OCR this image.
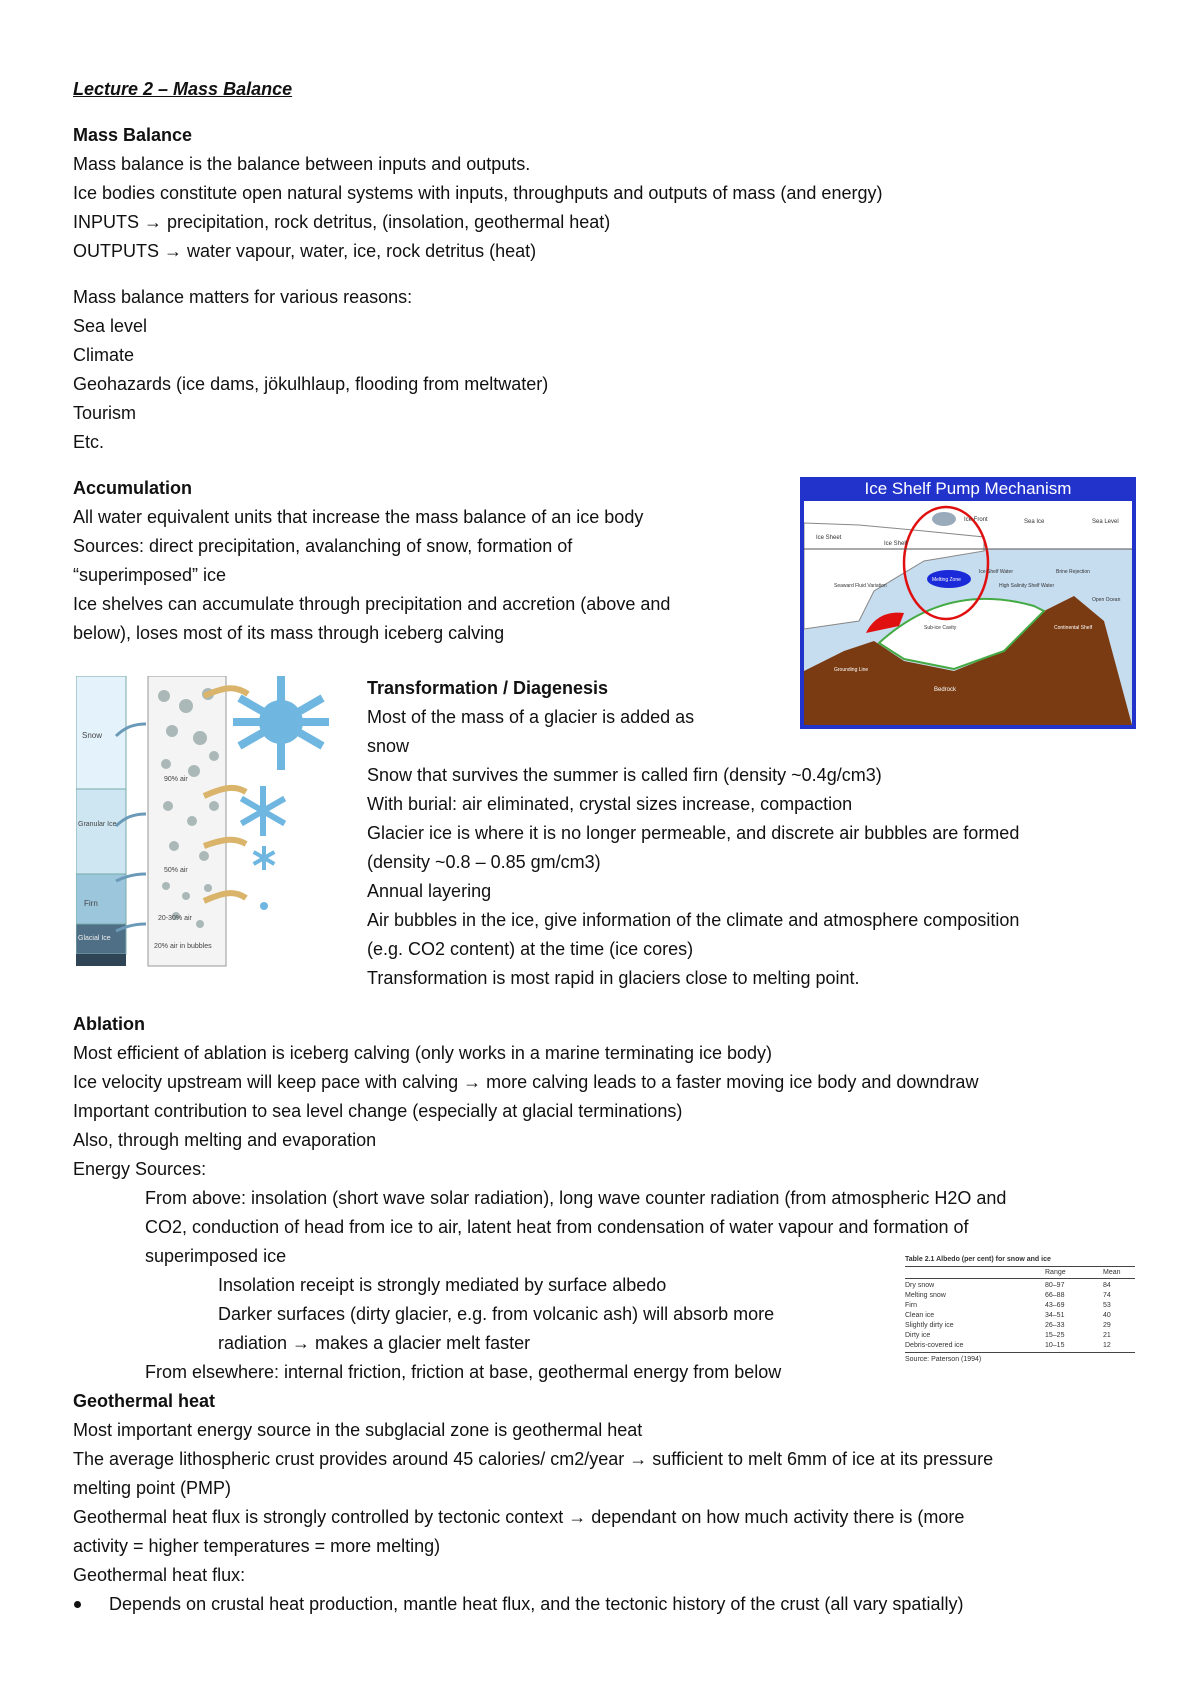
Lecture 2 – Mass Balance
Mass Balance
Mass balance is the balance between inputs and outputs.
Ice bodies constitute open natural systems with inputs, throughputs and outputs of mass (and energy)
INPUTS → precipitation, rock detritus, (insolation, geothermal heat)
OUTPUTS → water vapour, water, ice, rock detritus (heat)
Mass balance matters for various reasons:
Sea level
Climate
Geohazards (ice dams, jökulhlaup, flooding from meltwater)
Tourism
Etc.
Accumulation
All water equivalent units that increase the mass balance of an ice body
Sources: direct precipitation, avalanching of snow, formation of
“superimposed” ice
Ice shelves can accumulate through precipitation and accretion (above and
below), loses most of its mass through iceberg calving
Ice Shelf Pump Mechanism
Ice Front	Sea Ice	Sea Level
Ice Sheet
Ice Shelf
Melting Zone
Ice Shelf Water
High Salinity Shelf Water
Brine Rejection
Open Ocean
Seaward Fluid Variation
Sub-ice Cavity	Continental Shelf
Grounding Line
Bedrock
Snow
Granular Ice
Firn
Glacial Ice
90% air
50% air
20-30% air
20% air in bubbles
Transformation / Diagenesis
Most of the mass of a glacier is added as
snow
Snow that survives the summer is called firn (density ~0.4g/cm3)
With burial: air eliminated, crystal sizes increase, compaction
Glacier ice is where it is no longer permeable, and discrete air bubbles are formed
(density ~0.8 – 0.85 gm/cm3)
Annual layering
Air bubbles in the ice, give information of the climate and atmosphere composition
(e.g. CO2 content) at the time (ice cores)
Transformation is most rapid in glaciers close to melting point.
Ablation
Most efficient of ablation is iceberg calving (only works in a marine terminating ice body)
Ice velocity upstream will keep pace with calving → more calving leads to a faster moving ice body and downdraw
Important contribution to sea level change (especially at glacial terminations)
Also, through melting and evaporation
Energy Sources:
From above: insolation (short wave solar radiation), long wave counter radiation (from atmospheric H2O and
CO2, conduction of head from ice to air, latent heat from condensation of water vapour and formation of
superimposed ice
Insolation receipt is strongly mediated by surface albedo
Darker surfaces (dirty glacier, e.g. from volcanic ash) will absorb more
radiation → makes a glacier melt faster
From elsewhere: internal friction, friction at base, geothermal energy from below
Table 2.1 Albedo (per cent) for snow and ice
Range	Mean
Dry snow	80–97	84
Melting snow	66–88	74
Firn	43–69	53
Clean ice	34–51	40
Slightly dirty ice	26–33	29
Dirty ice	15–25	21
Debris-covered ice	10–15	12
Source: Paterson (1994)
Geothermal heat
Most important energy source in the subglacial zone is geothermal heat
The average lithospheric crust provides around 45 calories/ cm2/year → sufficient to melt 6mm of ice at its pressure
melting point (PMP)
Geothermal heat flux is strongly controlled by tectonic context → dependant on how much activity there is (more
activity = higher temperatures = more melting)
Geothermal heat flux:
Depends on crustal heat production, mantle heat flux, and the tectonic history of the crust (all vary spatially)
